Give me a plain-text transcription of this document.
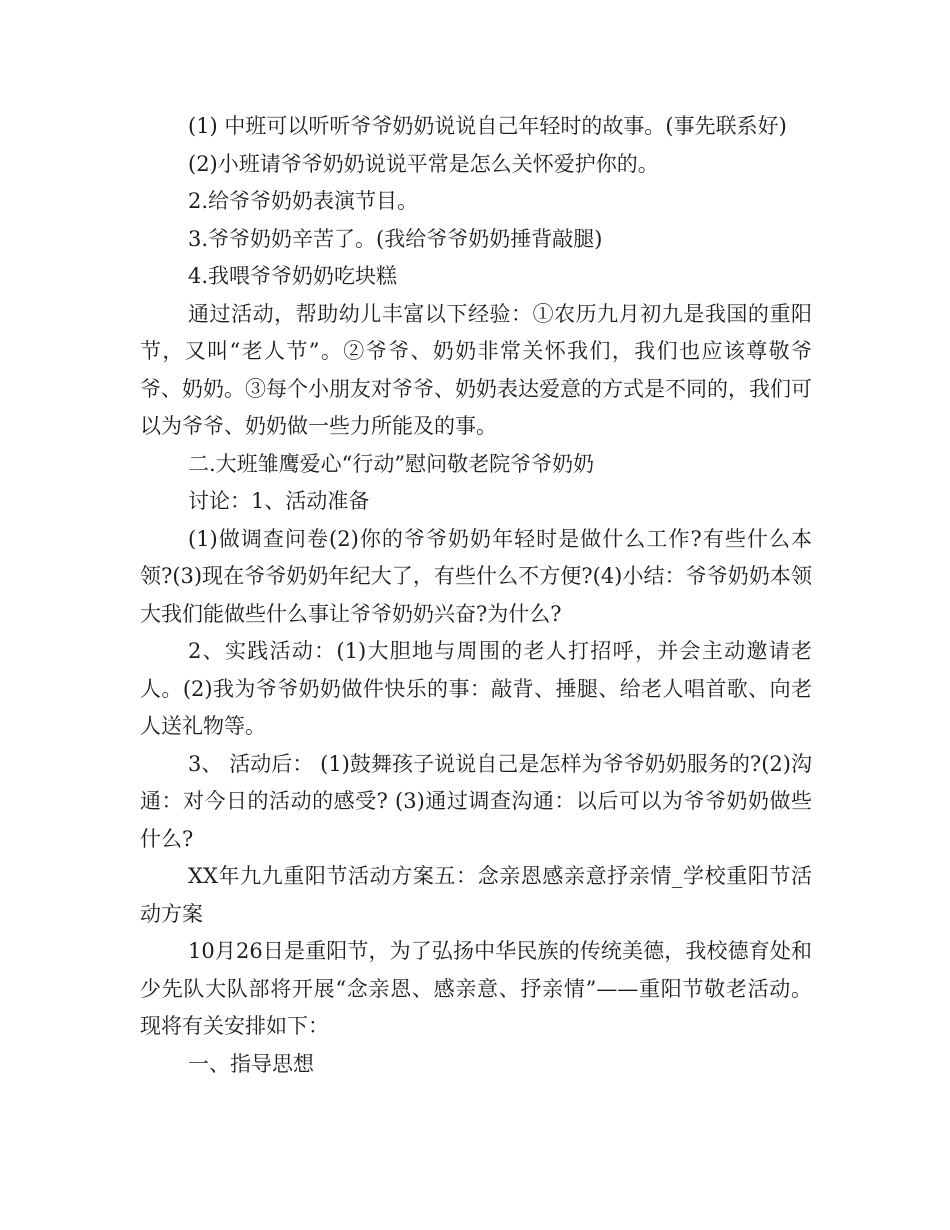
(1) 中班可以听听爷爷奶奶说说自己年轻时的故事。(事先联系好)

(2)小班请爷爷奶奶说说平常是怎么关怀爱护你的。

2.给爷爷奶奶表演节目。

3.爷爷奶奶辛苦了。(我给爷爷奶奶捶背敲腿)

4.我喂爷爷奶奶吃块糕

通过活动，帮助幼儿丰富以下经验：①农历九月初九是我国的重阳节，又叫“老人节”。②爷爷、奶奶非常关怀我们，我们也应该尊敬爷爷、奶奶。③每个小朋友对爷爷、奶奶表达爱意的方式是不同的，我们可以为爷爷、奶奶做一些力所能及的事。

二.大班雏鹰爱心“行动”慰问敬老院爷爷奶奶

讨论：1、活动准备

(1)做调查问卷(2)你的爷爷奶奶年轻时是做什么工作?有些什么本领?(3)现在爷爷奶奶年纪大了，有些什么不方便?(4)小结：爷爷奶奶本领大我们能做些什么事让爷爷奶奶兴奋?为什么?

2、实践活动：(1)大胆地与周围的老人打招呼，并会主动邀请老人。(2)我为爷爷奶奶做件快乐的事：敲背、捶腿、给老人唱首歌、向老人送礼物等。

3、 活动后： (1)鼓舞孩子说说自己是怎样为爷爷奶奶服务的?(2)沟通：对今日的活动的感受? (3)通过调查沟通：以后可以为爷爷奶奶做些什么?

XX年九九重阳节活动方案五：念亲恩感亲意抒亲情_学校重阳节活动方案

10月26日是重阳节，为了弘扬中华民族的传统美德，我校德育处和少先队大队部将开展“念亲恩、感亲意、抒亲情”——重阳节敬老活动。现将有关安排如下：

一、指导思想
